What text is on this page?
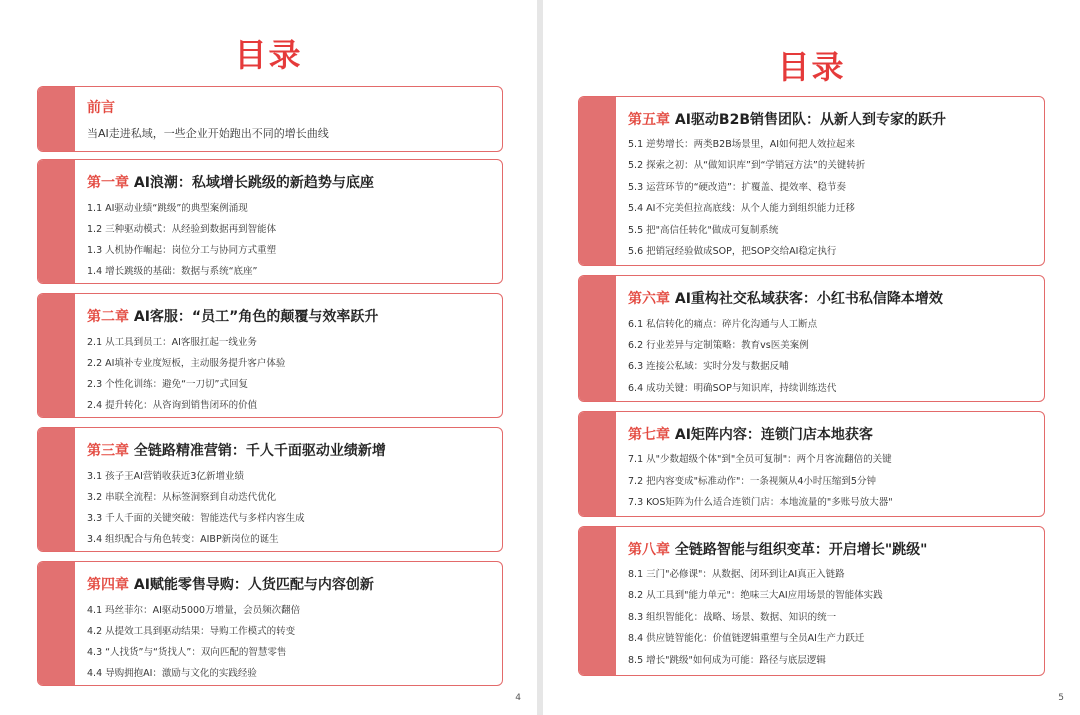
目录
前言
当AI走进私域，一些企业开始跑出不同的增长曲线
第一章 AI浪潮：私域增长跳级的新趋势与底座
1.1 AI驱动业绩“跳级”的典型案例涌现
1.2 三种驱动模式：从经验到数据再到智能体
1.3 人机协作崛起：岗位分工与协同方式重塑
1.4 增长跳级的基础：数据与系统“底座”
第二章 AI客服：“员工”角色的颠覆与效率跃升
2.1 从工具到员工：AI客服扛起一线业务
2.2 AI填补专业度短板，主动服务提升客户体验
2.3 个性化训练：避免“一刀切”式回复
2.4 提升转化：从咨询到销售闭环的价值
第三章 全链路精准营销：千人千面驱动业绩新增
3.1 孩子王AI营销收获近3亿新增业绩
3.2 串联全流程：从标签洞察到自动迭代优化
3.3 千人千面的关键突破：智能迭代与多样内容生成
3.4 组织配合与角色转变：AIBP新岗位的诞生
第四章 AI赋能零售导购：人货匹配与内容创新
4.1 玛丝菲尔：AI驱动5000万增量，会员频次翻倍
4.2 从提效工具到驱动结果：导购工作模式的转变
4.3 “人找货”与“货找人”：双向匹配的智慧零售
4.4 导购拥抱AI：激励与文化的实践经验
4
目录
第五章 AI驱动B2B销售团队：从新人到专家的跃升
5.1 逆势增长：两类B2B场景里，AI如何把人效拉起来
5.2 探索之初：从“做知识库”到“学销冠方法”的关键转折
5.3 运营环节的“硬改造”：扩覆盖、提效率、稳节奏
5.4 AI不完美但拉高底线：从个人能力到组织能力迁移
5.5 把"高信任转化"做成可复制系统
5.6 把销冠经验做成SOP，把SOP交给AI稳定执行
第六章 AI重构社交私域获客：小红书私信降本增效
6.1 私信转化的痛点：碎片化沟通与人工断点
6.2 行业差异与定制策略：教育vs医美案例
6.3 连接公私域：实时分发与数据反哺
6.4 成功关键：明确SOP与知识库，持续训练迭代
第七章 AI矩阵内容：连锁门店本地获客
7.1 从"少数超级个体"到"全员可复制"：两个月客流翻倍的关键
7.2 把内容变成"标准动作"：一条视频从4小时压缩到5分钟
7.3 KOS矩阵为什么适合连锁门店：本地流量的"多账号放大器"
第八章 全链路智能与组织变革：开启增长"跳级"
8.1 三门"必修课"：从数据、闭环到让AI真正入链路
8.2 从工具到"能力单元"：绝味三大AI应用场景的智能体实践
8.3 组织智能化：战略、场景、数据、知识的统一
8.4 供应链智能化：价值链逻辑重塑与全员AI生产力跃迁
8.5 增长"跳级"如何成为可能：路径与底层逻辑
5
